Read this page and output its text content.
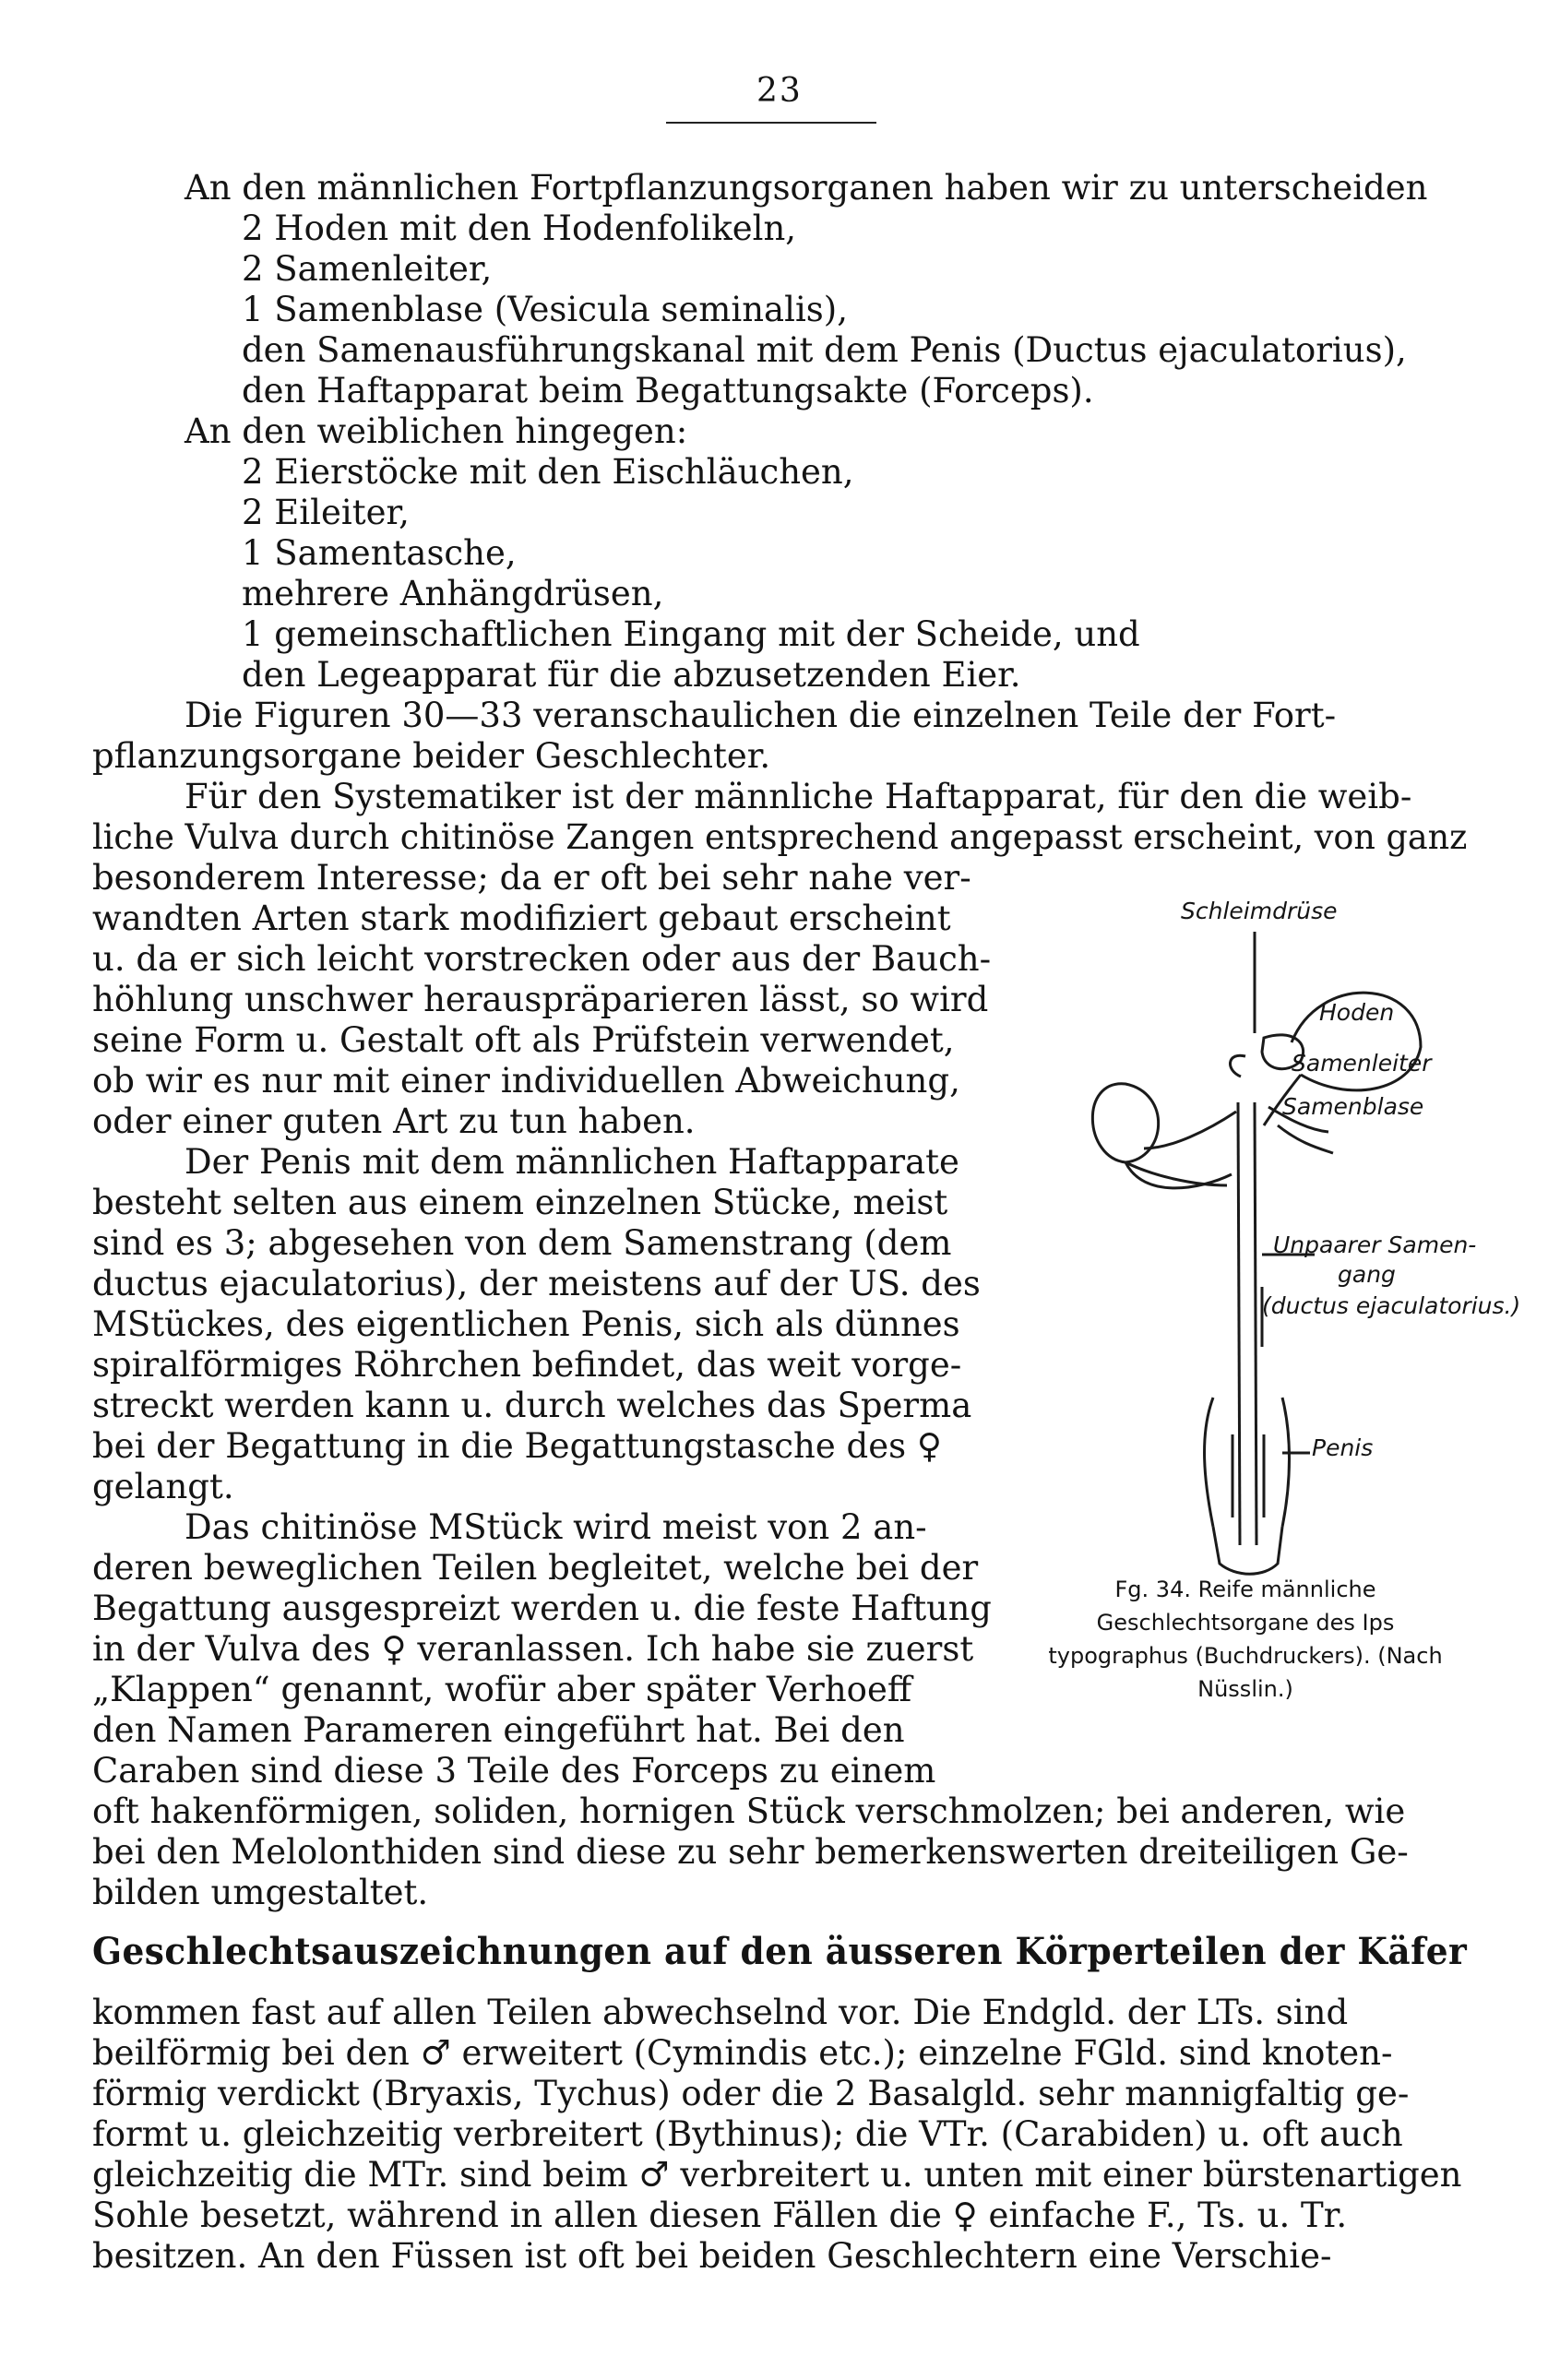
23
An den männlichen Fortpflanzungsorganen haben wir zu unterscheiden
2 Hoden mit den Hodenfolikeln,
2 Samenleiter,
1 Samenblase (Vesicula seminalis),
den Samenausführungskanal mit dem Penis (Ductus ejaculatorius),
den Haftapparat beim Begattungsakte (Forceps).
An den weiblichen hingegen:
2 Eierstöcke mit den Eischläuchen,
2 Eileiter,
1 Samentasche,
mehrere Anhängdrüsen,
1 gemeinschaftlichen Eingang mit der Scheide, und
den Legeapparat für die abzusetzenden Eier.
Die Figuren 30—33 veranschaulichen die einzelnen Teile der Fort-
pflanzungsorgane beider Geschlechter.
Für den Systematiker ist der männliche Haftapparat, für den die weib-
liche Vulva durch chitinöse Zangen entsprechend angepasst erscheint, von ganz
besonderem Interesse; da er oft bei sehr nahe ver-
wandten Arten stark modifiziert gebaut erscheint
u. da er sich leicht vorstrecken oder aus der Bauch-
höhlung unschwer herauspräparieren lässt, so wird
seine Form u. Gestalt oft als Prüfstein verwendet,
ob wir es nur mit einer individuellen Abweichung,
oder einer guten Art zu tun haben.
Der Penis mit dem männlichen Haftapparate
besteht selten aus einem einzelnen Stücke, meist
sind es 3; abgesehen von dem Samenstrang (dem
ductus ejaculatorius), der meistens auf der US. des
MStückes, des eigentlichen Penis, sich als dünnes
spiralförmiges Röhrchen befindet, das weit vorge-
streckt werden kann u. durch welches das Sperma
bei der Begattung in die Begattungstasche des ♀
gelangt.
Das chitinöse MStück wird meist von 2 an-
deren beweglichen Teilen begleitet, welche bei der
Begattung ausgespreizt werden u. die feste Haftung
in der Vulva des ♀ veranlassen. Ich habe sie zuerst
„Klappen“ genannt, wofür aber später Verhoeff
den Namen Parameren eingeführt hat. Bei den
Caraben sind diese 3 Teile des Forceps zu einem
oft hakenförmigen, soliden, hornigen Stück verschmolzen; bei anderen, wie
bei den Melolonthiden sind diese zu sehr bemerkenswerten dreiteiligen Ge-
bilden umgestaltet.
Schleimdrüse
Hoden
Samenleiter
Samenblase
Unpaarer Samen-
gang
(ductus ejaculatorius.)
Penis
Fg. 34. Reife männliche Geschlechtsorgane des Ips typographus (Buchdruckers). (Nach Nüsslin.)
Geschlechtsauszeichnungen auf den äusseren Körperteilen der Käfer
kommen fast auf allen Teilen abwechselnd vor. Die Endgld. der LTs. sind
beilförmig bei den ♂ erweitert (Cymindis etc.); einzelne FGld. sind knoten-
förmig verdickt (Bryaxis, Tychus) oder die 2 Basalgld. sehr mannigfaltig ge-
formt u. gleichzeitig verbreitert (Bythinus); die VTr. (Carabiden) u. oft auch
gleichzeitig die MTr. sind beim ♂ verbreitert u. unten mit einer bürstenartigen
Sohle besetzt, während in allen diesen Fällen die ♀ einfache F., Ts. u. Tr.
besitzen. An den Füssen ist oft bei beiden Geschlechtern eine Verschie-
